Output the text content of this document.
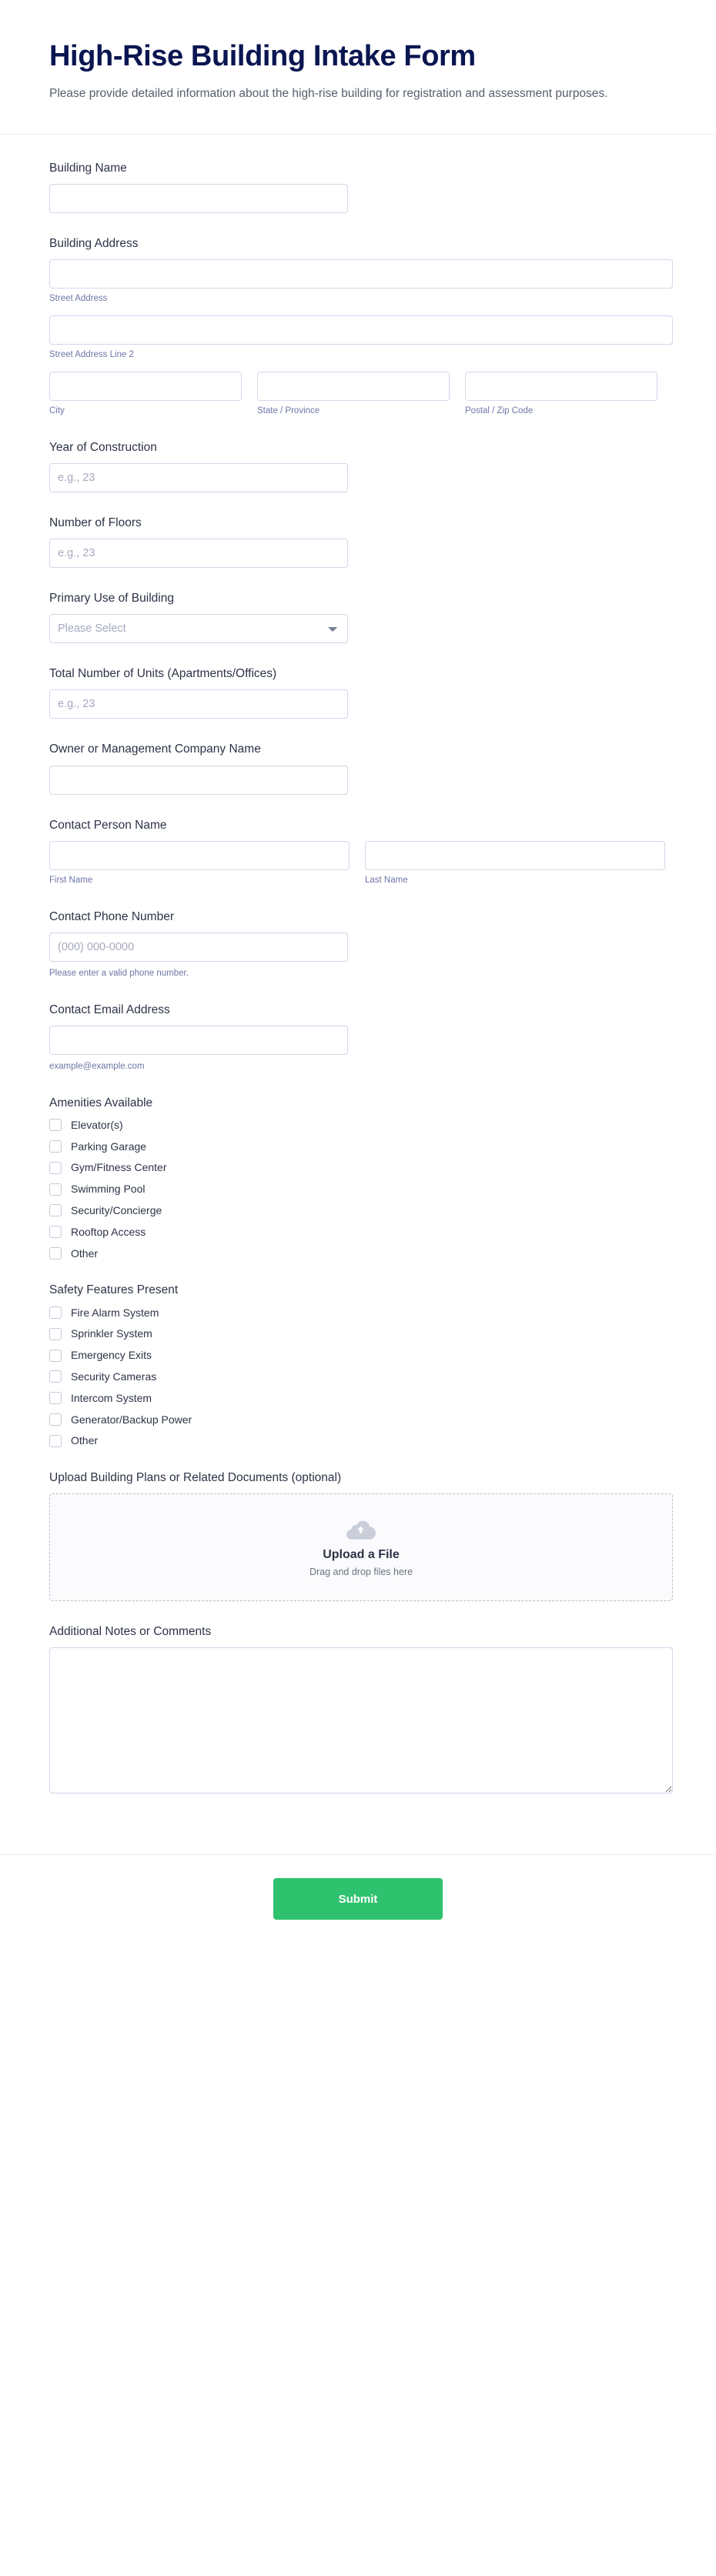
High-Rise Building Intake Form

Please provide detailed information about the high-rise building for registration and assessment purposes.

Building Name
Building Address
Street Address
Street Address Line 2
City	State / Province	Postal / Zip Code
Year of Construction
e.g., 23
Number of Floors
e.g., 23
Primary Use of Building
Please Select
Total Number of Units (Apartments/Offices)
e.g., 23
Owner or Management Company Name
Contact Person Name
First Name	Last Name
Contact Phone Number
(000) 000-0000
Please enter a valid phone number.
Contact Email Address
example@example.com
Amenities Available
Elevator(s)
Parking Garage
Gym/Fitness Center
Swimming Pool
Security/Concierge
Rooftop Access
Other
Safety Features Present
Fire Alarm System
Sprinkler System
Emergency Exits
Security Cameras
Intercom System
Generator/Backup Power
Other
Upload Building Plans or Related Documents (optional)
Upload a File
Drag and drop files here
Additional Notes or Comments
Submit
